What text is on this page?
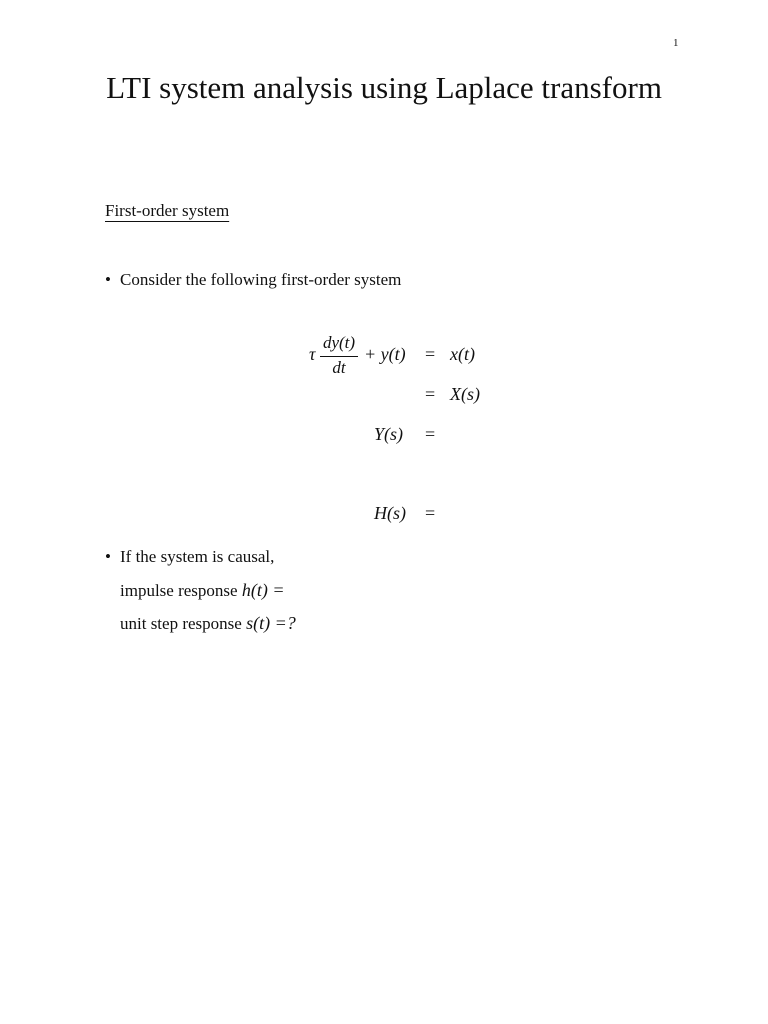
1
LTI system analysis using Laplace transform
First-order system
• Consider the following first-order system
τ
dy(t)
dt
+ y(t) = x(t)
= X(s)
Y(s) =
H(s) =
• If the system is causal,
impulse response h(t) =
unit step response s(t) =?
